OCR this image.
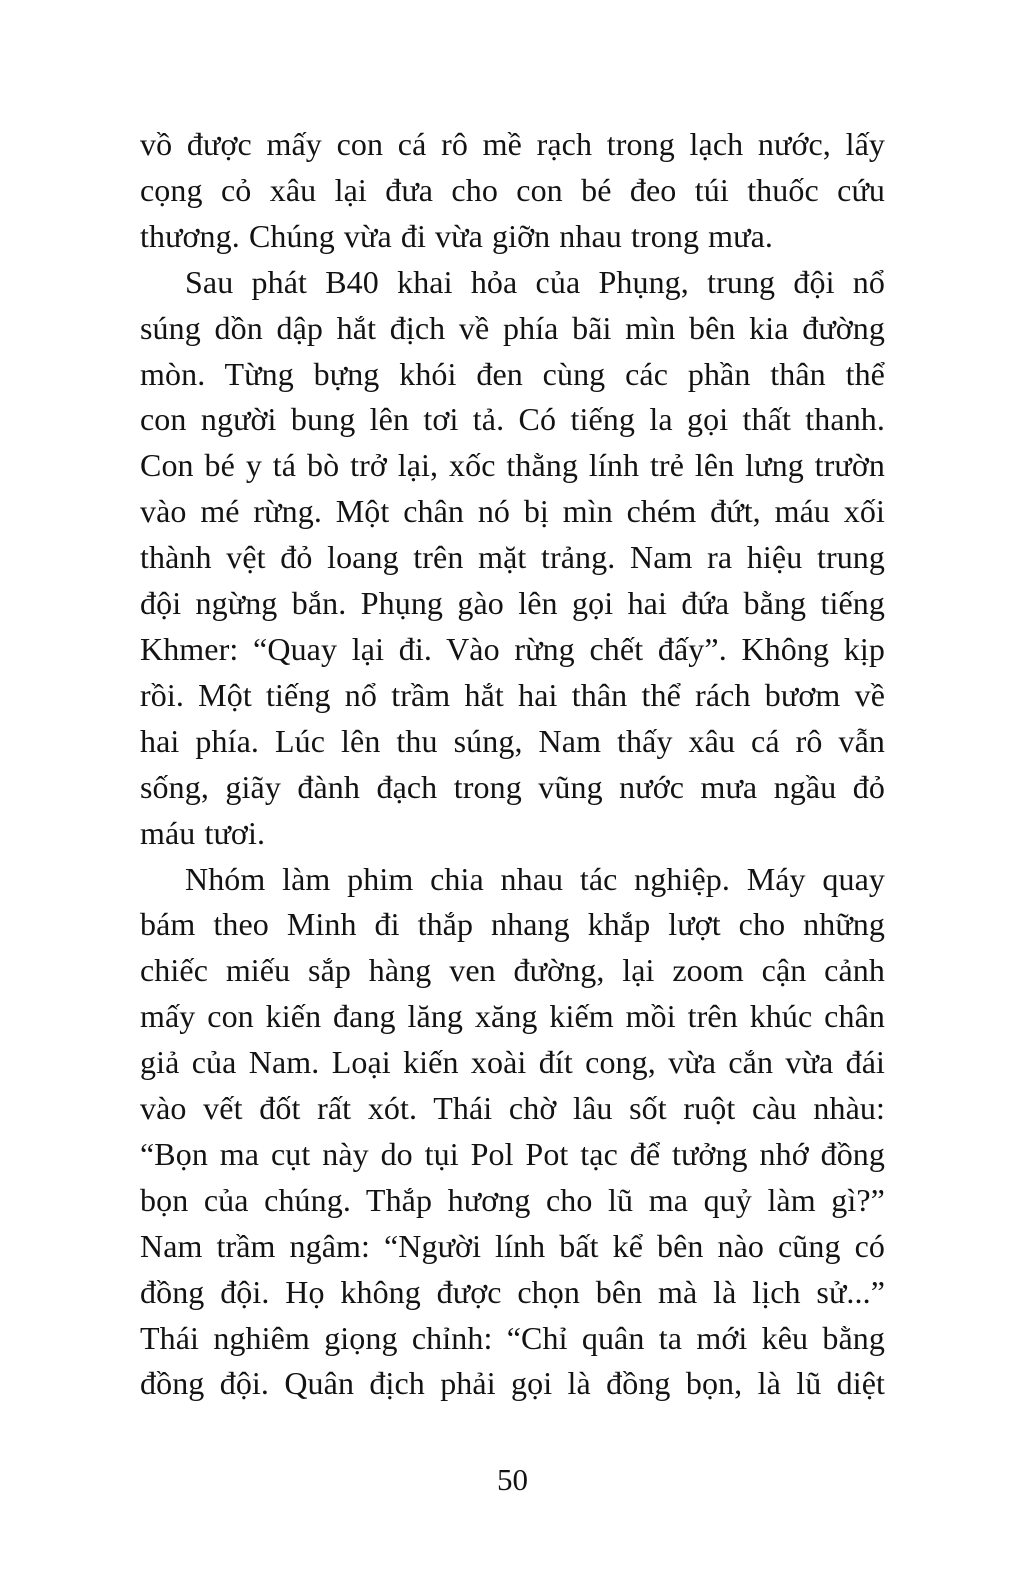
vồ được mấy con cá rô mề rạch trong lạch nước, lấy
cọng cỏ xâu lại đưa cho con bé đeo túi thuốc cứu
thương. Chúng vừa đi vừa giỡn nhau trong mưa.
Sau phát B40 khai hỏa của Phụng, trung đội nổ
súng dồn dập hắt địch về phía bãi mìn bên kia đường
mòn. Từng bựng khói đen cùng các phần thân thể
con người bung lên tơi tả. Có tiếng la gọi thất thanh.
Con bé y tá bò trở lại, xốc thằng lính trẻ lên lưng trườn
vào mé rừng. Một chân nó bị mìn chém đứt, máu xối
thành vệt đỏ loang trên mặt trảng. Nam ra hiệu trung
đội ngừng bắn. Phụng gào lên gọi hai đứa bằng tiếng
Khmer: “Quay lại đi. Vào rừng chết đấy”. Không kịp
rồi. Một tiếng nổ trầm hắt hai thân thể rách bươm về
hai phía. Lúc lên thu súng, Nam thấy xâu cá rô vẫn
sống, giãy đành đạch trong vũng nước mưa ngầu đỏ
máu tươi.
Nhóm làm phim chia nhau tác nghiệp. Máy quay
bám theo Minh đi thắp nhang khắp lượt cho những
chiếc miếu sắp hàng ven đường, lại zoom cận cảnh
mấy con kiến đang lăng xăng kiếm mồi trên khúc chân
giả của Nam. Loại kiến xoài đít cong, vừa cắn vừa đái
vào vết đốt rất xót. Thái chờ lâu sốt ruột càu nhàu:
“Bọn ma cụt này do tụi Pol Pot tạc để tưởng nhớ đồng
bọn của chúng. Thắp hương cho lũ ma quỷ làm gì?”
Nam trầm ngâm: “Người lính bất kể bên nào cũng có
đồng đội. Họ không được chọn bên mà là lịch sử...”
Thái nghiêm giọng chỉnh: “Chỉ quân ta mới kêu bằng
đồng đội. Quân địch phải gọi là đồng bọn, là lũ diệt
50
